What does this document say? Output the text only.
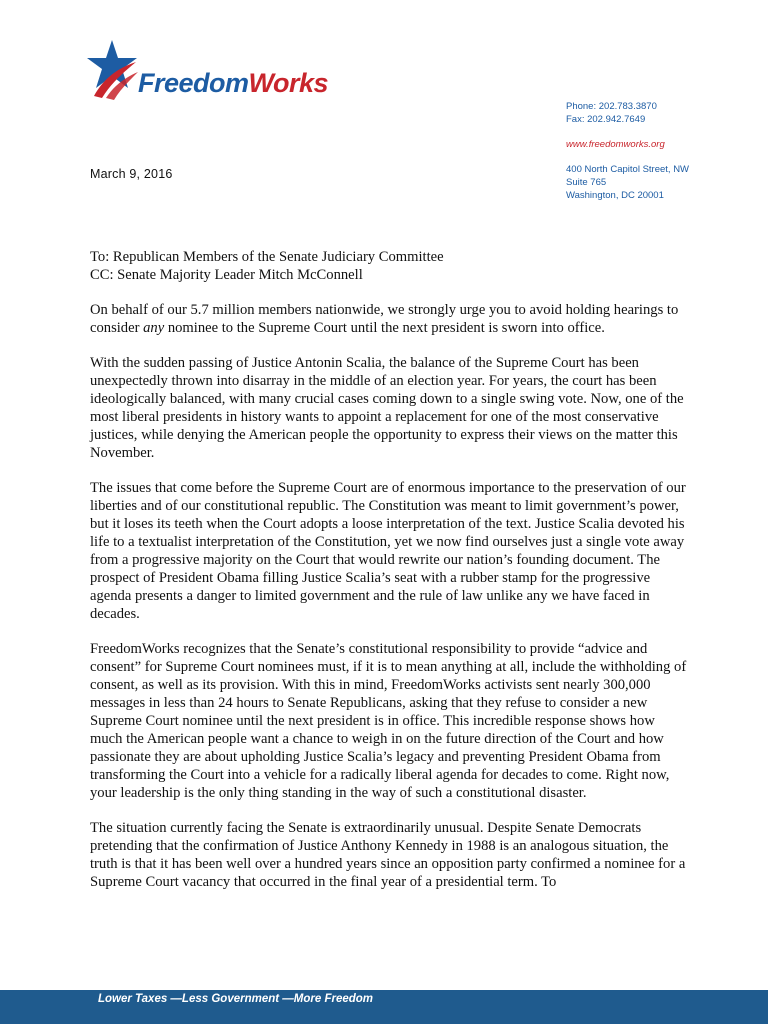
FreedomWorks
Phone: 202.783.3870
Fax: 202.942.7649
www.freedomworks.org
400 North Capitol Street, NW
Suite 765
Washington, DC 20001
March 9, 2016
To: Republican Members of the Senate Judiciary Committee
CC: Senate Majority Leader Mitch McConnell

On behalf of our 5.7 million members nationwide, we strongly urge you to avoid holding hearings to consider any nominee to the Supreme Court until the next president is sworn into office.

With the sudden passing of Justice Antonin Scalia, the balance of the Supreme Court has been unexpectedly thrown into disarray in the middle of an election year. For years, the court has been ideologically balanced, with many crucial cases coming down to a single swing vote. Now, one of the most liberal presidents in history wants to appoint a replacement for one of the most conservative justices, while denying the American people the opportunity to express their views on the matter this November.

The issues that come before the Supreme Court are of enormous importance to the preservation of our liberties and of our constitutional republic. The Constitution was meant to limit government’s power, but it loses its teeth when the Court adopts a loose interpretation of the text. Justice Scalia devoted his life to a textualist interpretation of the Constitution, yet we now find ourselves just a single vote away from a progressive majority on the Court that would rewrite our nation’s founding document. The prospect of President Obama filling Justice Scalia’s seat with a rubber stamp for the progressive agenda presents a danger to limited government and the rule of law unlike any we have faced in decades.

FreedomWorks recognizes that the Senate’s constitutional responsibility to provide “advice and consent” for Supreme Court nominees must, if it is to mean anything at all, include the withholding of consent, as well as its provision. With this in mind, FreedomWorks activists sent nearly 300,000 messages in less than 24 hours to Senate Republicans, asking that they refuse to consider a new Supreme Court nominee until the next president is in office. This incredible response shows how much the American people want a chance to weigh in on the future direction of the Court and how passionate they are about upholding Justice Scalia’s legacy and preventing President Obama from transforming the Court into a vehicle for a radically liberal agenda for decades to come. Right now, your leadership is the only thing standing in the way of such a constitutional disaster.

The situation currently facing the Senate is extraordinarily unusual. Despite Senate Democrats pretending that the confirmation of Justice Anthony Kennedy in 1988 is an analogous situation, the truth is that it has been well over a hundred years since an opposition party confirmed a nominee for a Supreme Court vacancy that occurred in the final year of a presidential term. To

Lower Taxes —Less Government —More Freedom
